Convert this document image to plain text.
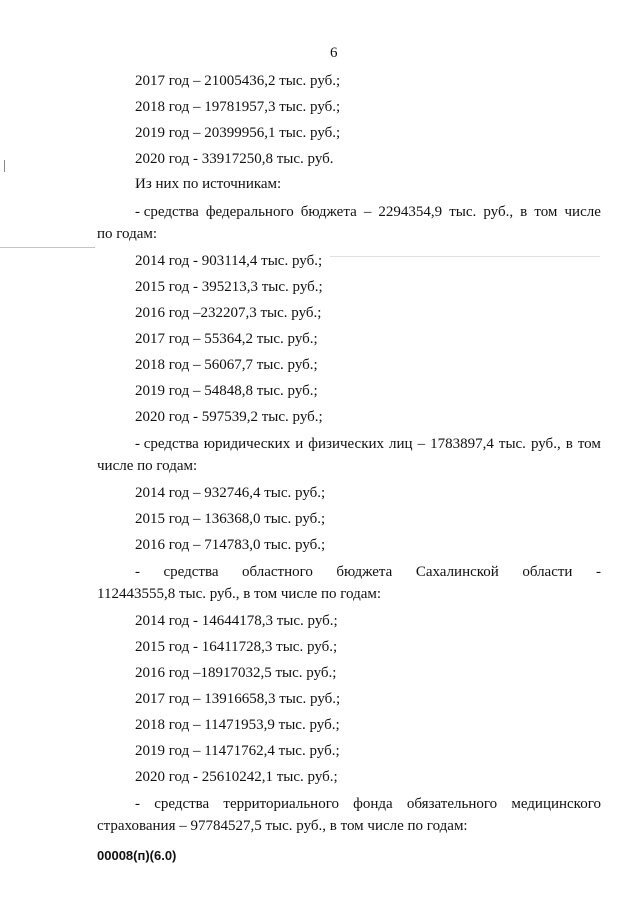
6
2017 год – 21005436,2 тыс. руб.;
2018 год – 19781957,3 тыс. руб.;
2019 год – 20399956,1 тыс. руб.;
2020 год - 33917250,8 тыс. руб.
Из них по источникам:
- средства федерального бюджета – 2294354,9 тыс. руб., в том числе
по годам:
2014 год - 903114,4 тыс. руб.;
2015 год - 395213,3 тыс. руб.;
2016 год –232207,3 тыс. руб.;
2017 год – 55364,2 тыс. руб.;
2018 год – 56067,7 тыс. руб.;
2019 год – 54848,8 тыс. руб.;
2020 год - 597539,2 тыс. руб.;
- средства юридических и физических лиц – 1783897,4 тыс. руб., в том
числе по годам:
2014 год – 932746,4 тыс. руб.;
2015 год – 136368,0 тыс. руб.;
2016 год – 714783,0 тыс. руб.;
- средства областного бюджета Сахалинской области -
112443555,8 тыс. руб., в том числе по годам:
2014 год - 14644178,3 тыс. руб.;
2015 год - 16411728,3 тыс. руб.;
2016 год –18917032,5 тыс. руб.;
2017 год – 13916658,3 тыс. руб.;
2018 год – 11471953,9 тыс. руб.;
2019 год – 11471762,4 тыс. руб.;
2020 год - 25610242,1 тыс. руб.;
- средства территориального фонда обязательного медицинского
страхования – 97784527,5 тыс. руб., в том числе по годам:
00008(п)(6.0)
